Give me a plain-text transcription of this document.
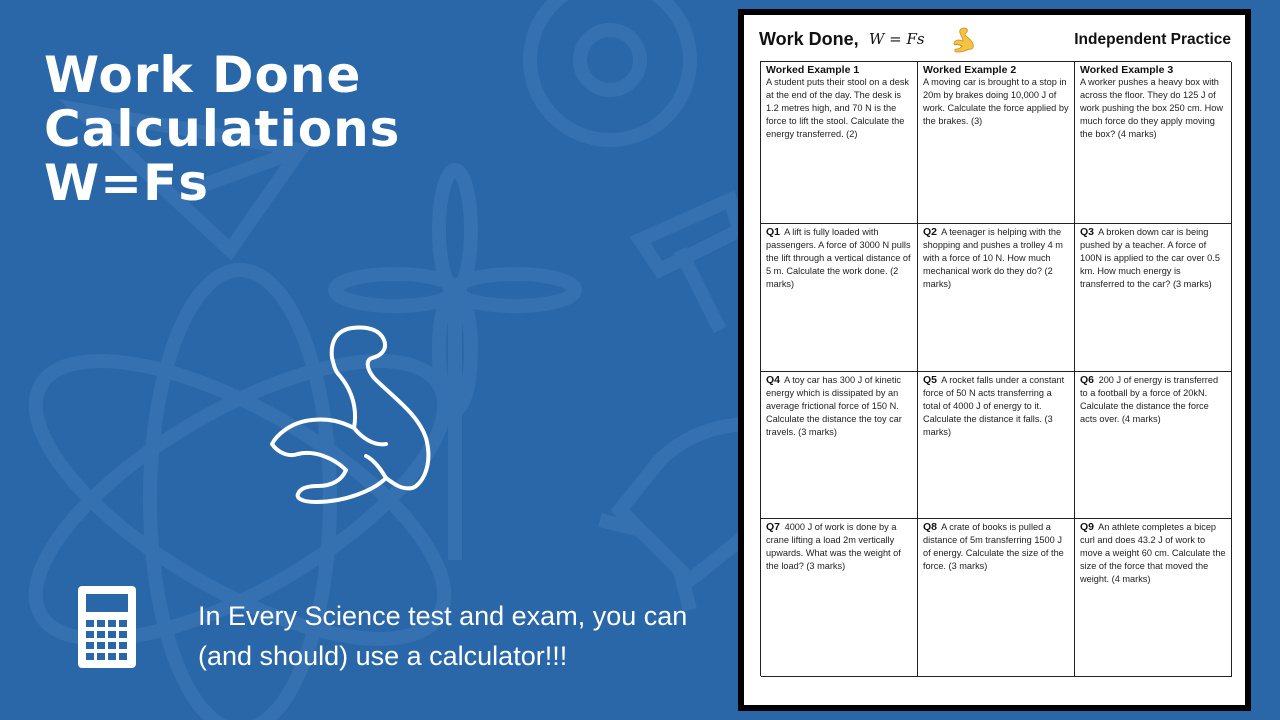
Work Done
Calculations
W=Fs
In Every Science test and exam, you can (and should) use a calculator!!!
Work Done, W = Fs	Independent Practice
Worked Example 1
A student puts their stool on a desk at the end of the day. The desk is 1.2 metres high, and 70 N is the force to lift the stool. Calculate the energy transferred. (2)
Worked Example 2
A moving car is brought to a stop in 20m by brakes doing 10,000 J of work. Calculate the force applied by the brakes. (3)
Worked Example 3
A worker pushes a heavy box with across the floor. They do 125 J of work pushing the box 250 cm. How much force do they apply moving the box? (4 marks)
Q1 A lift is fully loaded with passengers. A force of 3000 N pulls the lift through a vertical distance of 5 m. Calculate the work done. (2 marks)
Q2 A teenager is helping with the shopping and pushes a trolley 4 m with a force of 10 N. How much mechanical work do they do? (2 marks)
Q3 A broken down car is being pushed by a teacher. A force of 100N is applied to the car over 0.5 km. How much energy is transferred to the car? (3 marks)
Q4 A toy car has 300 J of kinetic energy which is dissipated by an average frictional force of 150 N. Calculate the distance the toy car travels. (3 marks)
Q5 A rocket falls under a constant force of 50 N acts transferring a total of 4000 J of energy to it. Calculate the distance it falls. (3 marks)
Q6 200 J of energy is transferred to a football by a force of 20kN. Calculate the distance the force acts over. (4 marks)
Q7 4000 J of work is done by a crane lifting a load 2m vertically upwards. What was the weight of the load? (3 marks)
Q8 A crate of books is pulled a distance of 5m transferring 1500 J of energy. Calculate the size of the force. (3 marks)
Q9 An athlete completes a bicep curl and does 43.2 J of work to move a weight 60 cm. Calculate the size of the force that moved the weight. (4 marks)
